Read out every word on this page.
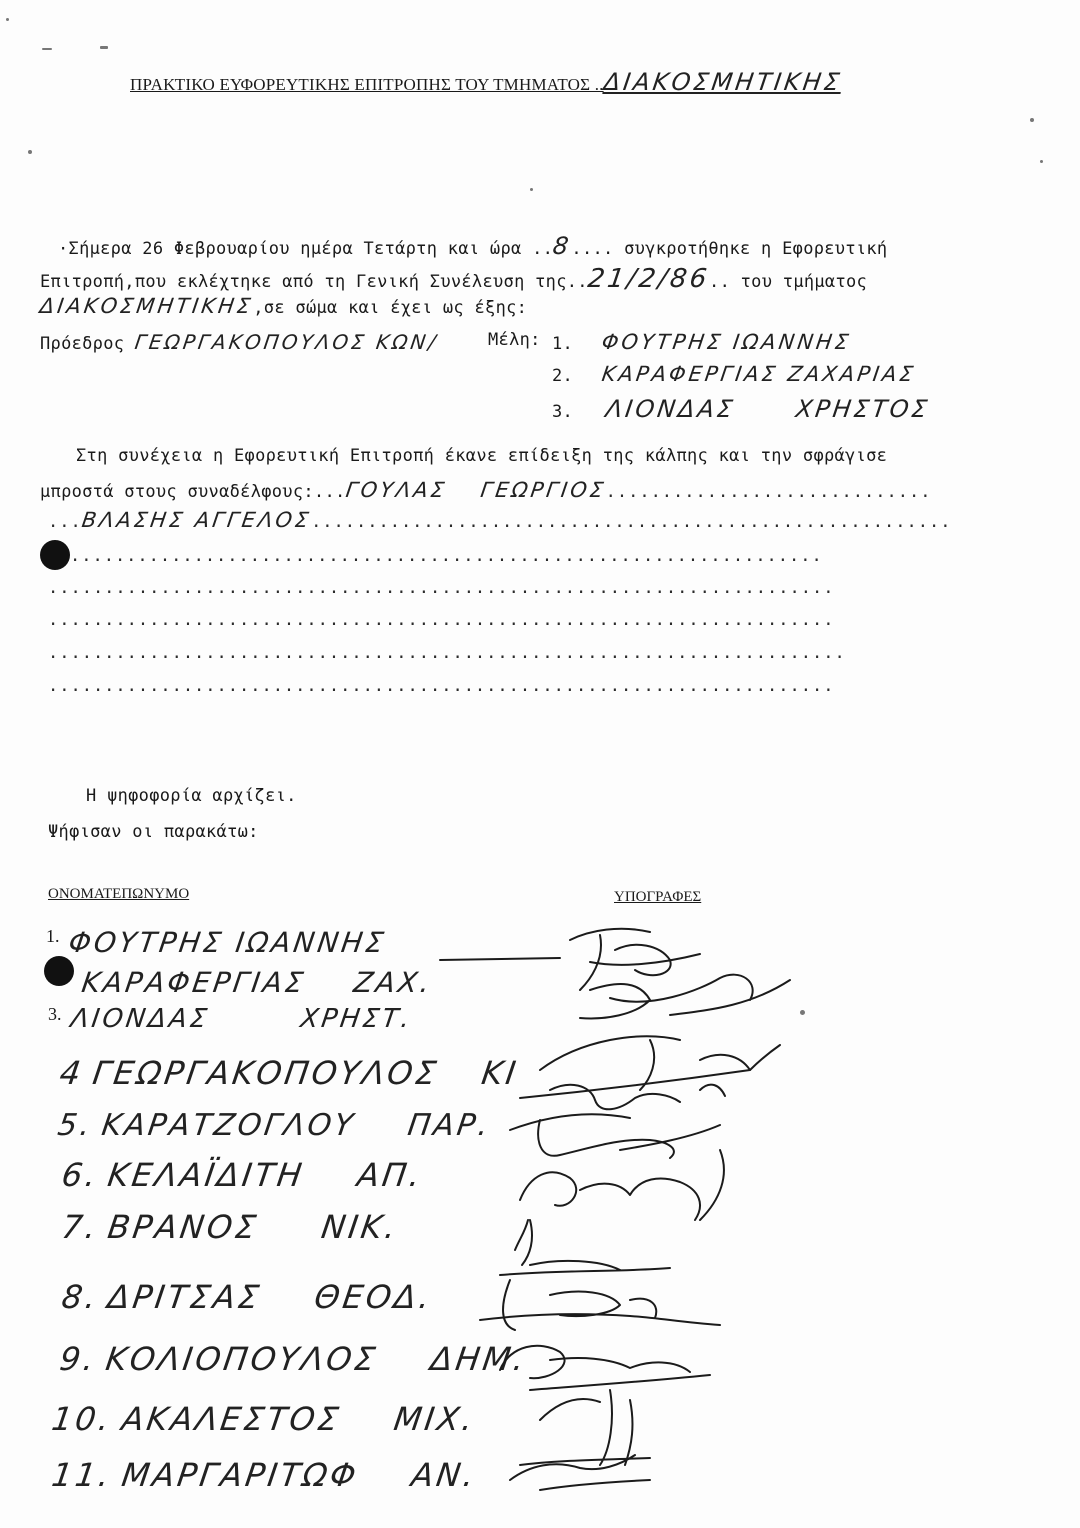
ΠΡΑΚΤΙΚΟ ΕΥΦΟΡΕΥΤΙΚΗΣ ΕΠΙΤΡΟΠΗΣ ΤΟΥ ΤΜΗΜΑΤΟΣ ..ΔΙΑΚΟΣΜΗΤΙΚΗΣ
·Σήμερα 26 Φεβρουαρίου ημέρα Τετάρτη και ώρα ..8.... συγκροτήθηκε η Εφορευτική
Επιτροπή,που εκλέχτηκε από τη Γενική Συνέλευση της..21/2/86.. του τμήματος
ΔΙΑΚΟΣΜΗΤΙΚΗΣ,σε σώμα και έχει ως έξης:
Πρόεδρος ΓΕΩΡΓΑΚΟΠΟΥΛΟΣ ΚΩΝ/	Μέλη: 1. ΦΟΥΤΡΗΣ ΙΩΑΝΝΗΣ
2. ΚΑΡΑΦΕΡΓΙΑΣ ΖΑΧΑΡΙΑΣ
3. ΛΙΟΝΔΑΣ ΧΡΗΣΤΟΣ
Στη συνέχεια η Εφορευτική Επιτροπή έκανε επίδειξη της κάλπης και την σφράγισε
μπροστά στους συναδέλφους:...ΓΟΥΛΑΣ ΓΕΩΡΓΙΟΣ.............................
...ΒΛΑΣΗΣ ΑΓΓΕΛΟΣ.........................................................
...................................................................
......................................................................
......................................................................
.......................................................................
......................................................................
Η ψηφοφορία αρχίζει.
Ψήφισαν οι παρακάτω:
ΟΝΟΜΑΤΕΠΩΝΥΜΟ	ΥΠΟΓΡΑΦΕΣ
1. ΦΟΥΤΡΗΣ ΙΩΑΝΝΗΣ
ΚΑΡΑΦΕΡΓΙΑΣ ΖΑΧ.
3. ΛΙΟΝΔΑΣ ΧΡΗΣΤ.
4 ΓΕΩΡΓΑΚΟΠΟΥΛΟΣ ΚΙ
5. ΚΑΡΑΤΖΟΓΛΟΥ ΠΑΡ.
6. ΚΕΛΑΪΔΙΤΗ ΑΠ.
7. ΒΡΑΝΟΣ ΝΙΚ.
8. ΔΡΙΤΣΑΣ ΘΕΟΔ.
9. ΚΟΛΙΟΠΟΥΛΟΣ ΔΗΜ.
10. ΑΚΑΛΕΣΤΟΣ ΜΙΧ.
11. ΜΑΡΓΑΡΙΤΩΦ ΑΝ.
